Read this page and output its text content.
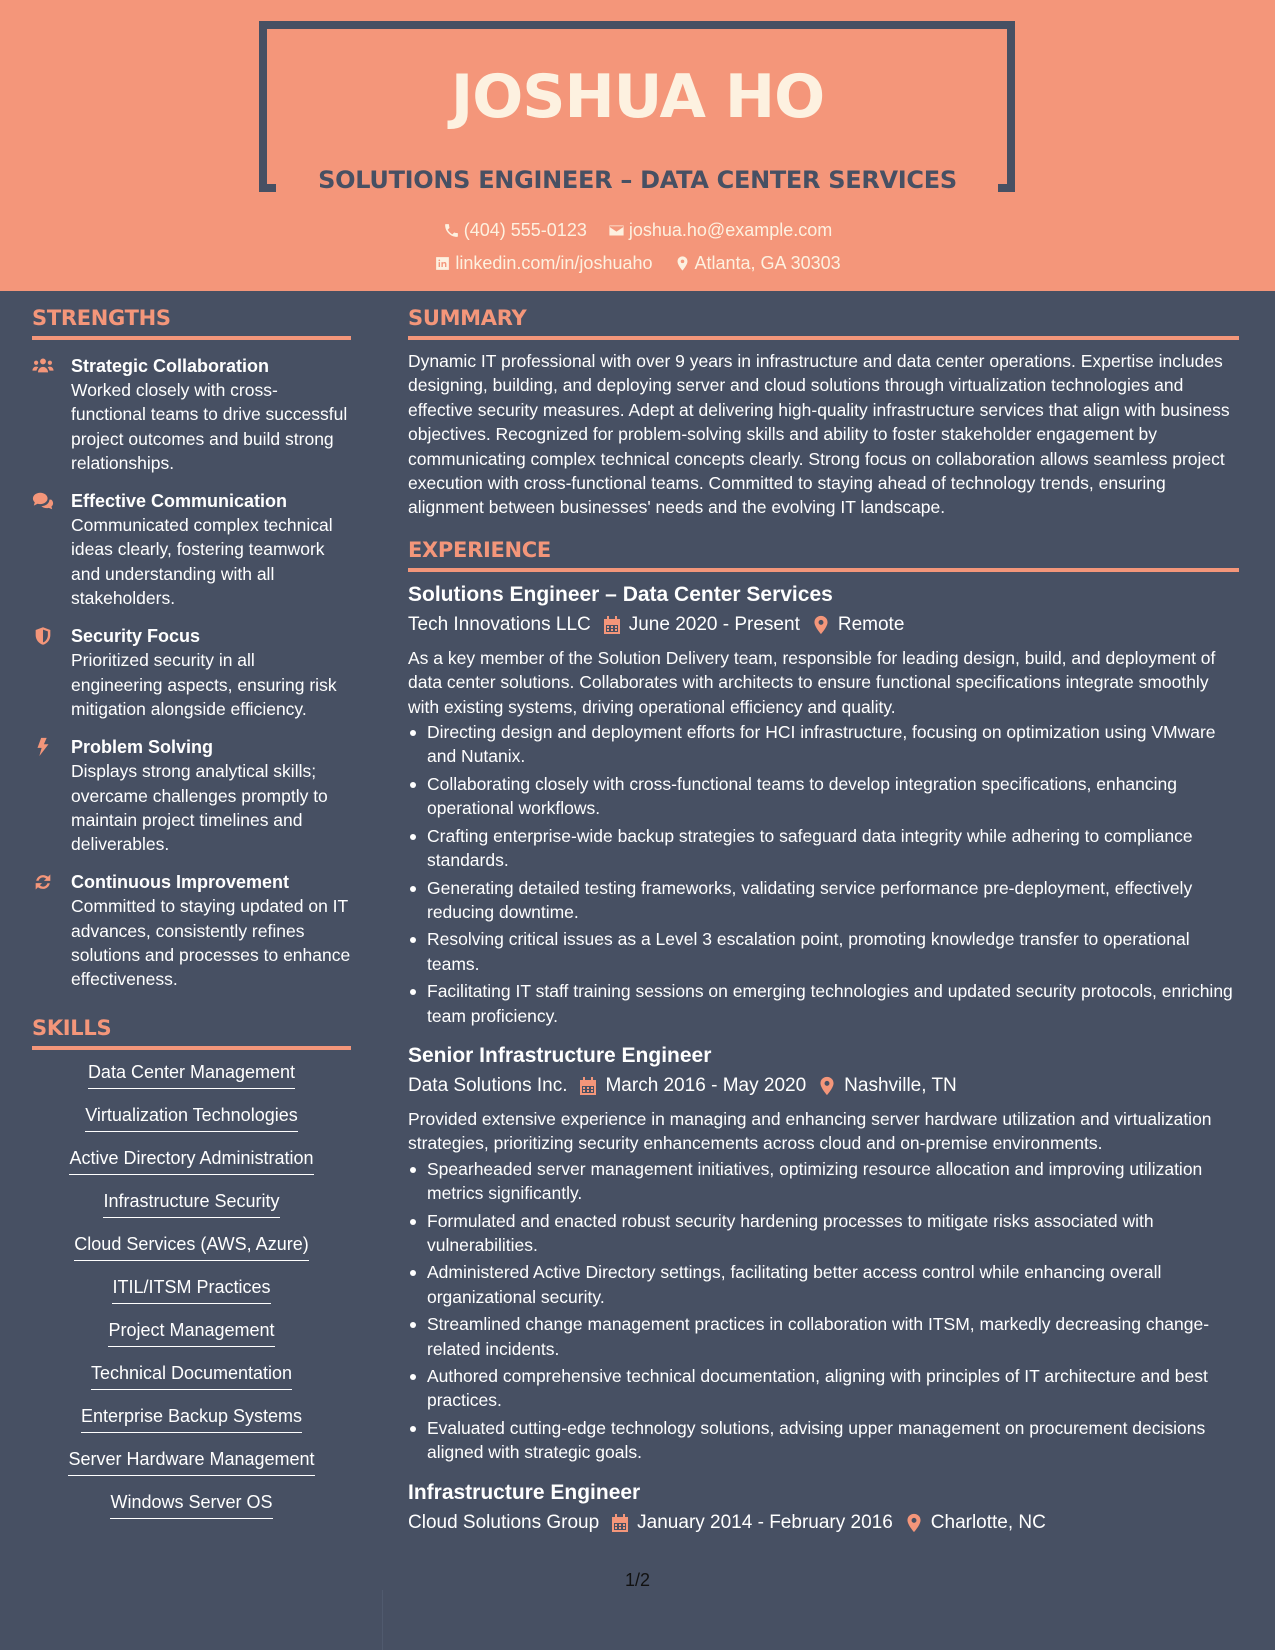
JOSHUA HO
SOLUTIONS ENGINEER – DATA CENTER SERVICES
(404) 555-0123
joshua.ho@example.com
linkedin.com/in/joshuaho
Atlanta, GA 30303
STRENGTHS
Strategic Collaboration

Worked closely with cross-functional teams to drive successful project outcomes and build strong relationships.

Effective Communication

Communicated complex technical ideas clearly, fostering teamwork and understanding with all stakeholders.

Security Focus

Prioritized security in all engineering aspects, ensuring risk mitigation alongside efficiency.

Problem Solving

Displays strong analytical skills; overcame challenges promptly to maintain project timelines and deliverables.

Continuous Improvement

Committed to staying updated on IT advances, consistently refines solutions and processes to enhance effectiveness.

SKILLS
Data Center Management
Virtualization Technologies
Active Directory Administration
Infrastructure Security
Cloud Services (AWS, Azure)
ITIL/ITSM Practices
Project Management
Technical Documentation
Enterprise Backup Systems
Server Hardware Management
Windows Server OS
SUMMARY

Dynamic IT professional with over 9 years in infrastructure and data center operations. Expertise includes designing, building, and deploying server and cloud solutions through virtualization technologies and effective security measures. Adept at delivering high-quality infrastructure services that align with business objectives. Recognized for problem-solving skills and ability to foster stakeholder engagement by communicating complex technical concepts clearly. Strong focus on collaboration allows seamless project execution with cross-functional teams. Committed to staying ahead of technology trends, ensuring alignment between businesses' needs and the evolving IT landscape.

EXPERIENCE
Solutions Engineer – Data Center Services
Tech Innovations LLC June 2020 - Present Remote

As a key member of the Solution Delivery team, responsible for leading design, build, and deployment of data center solutions. Collaborates with architects to ensure functional specifications integrate smoothly with existing systems, driving operational efficiency and quality.

Directing design and deployment efforts for HCI infrastructure, focusing on optimization using VMware and Nutanix.
Collaborating closely with cross-functional teams to develop integration specifications, enhancing operational workflows.
Crafting enterprise-wide backup strategies to safeguard data integrity while adhering to compliance standards.
Generating detailed testing frameworks, validating service performance pre-deployment, effectively reducing downtime.
Resolving critical issues as a Level 3 escalation point, promoting knowledge transfer to operational teams.
Facilitating IT staff training sessions on emerging technologies and updated security protocols, enriching team proficiency.
Senior Infrastructure Engineer
Data Solutions Inc. March 2016 - May 2020 Nashville, TN

Provided extensive experience in managing and enhancing server hardware utilization and virtualization strategies, prioritizing security enhancements across cloud and on-premise environments.

Spearheaded server management initiatives, optimizing resource allocation and improving utilization metrics significantly.
Formulated and enacted robust security hardening processes to mitigate risks associated with vulnerabilities.
Administered Active Directory settings, facilitating better access control while enhancing overall organizational security.
Streamlined change management practices in collaboration with ITSM, markedly decreasing change-related incidents.
Authored comprehensive technical documentation, aligning with principles of IT architecture and best practices.
Evaluated cutting-edge technology solutions, advising upper management on procurement decisions aligned with strategic goals.
Infrastructure Engineer
Cloud Solutions Group January 2014 - February 2016 Charlotte, NC
1/2
